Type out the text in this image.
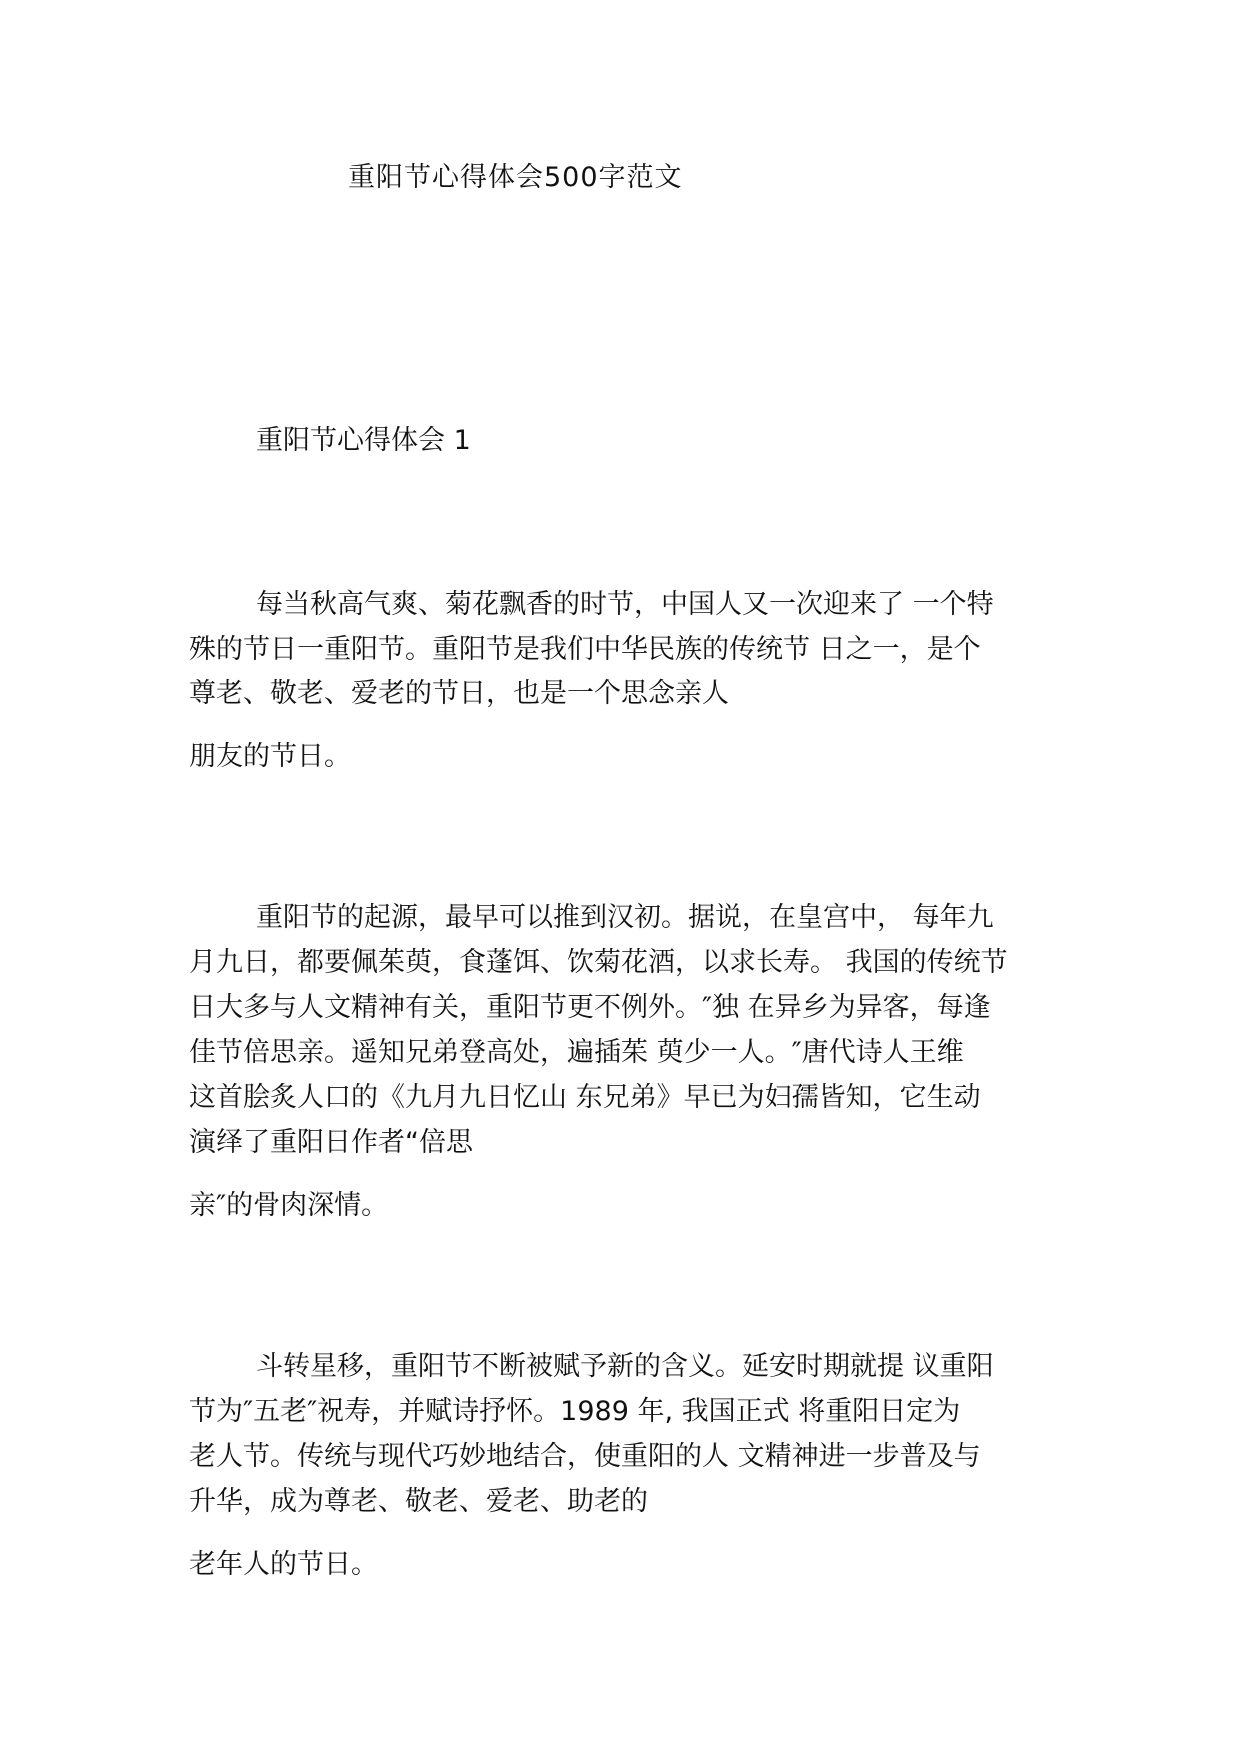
重阳节心得体会500字范文
重阳节心得体会 1
每当秋高气爽、菊花飘香的时节，中国人又一次迎来了 一个特
殊的节日一重阳节。重阳节是我们中华民族的传统节 日之一，是个
尊老、敬老、爱老的节日，也是一个思念亲人
朋友的节日。
重阳节的起源，最早可以推到汉初。据说，在皇宫中， 每年九
月九日，都要佩茱萸，食蓬饵、饮菊花酒，以求长寿。 我国的传统节
日大多与人文精神有关，重阳节更不例外。″独 在异乡为异客，每逢
佳节倍思亲。遥知兄弟登高处，遍插茱 萸少一人。″唐代诗人王维
这首脍炙人口的《九月九日忆山 东兄弟》早已为妇孺皆知，它生动
演绎了重阳日作者“倍思
亲″的骨肉深情。
斗转星移，重阳节不断被赋予新的含义。延安时期就提 议重阳
节为″五老″祝寿，并赋诗抒怀。1989 年, 我国正式 将重阳日定为
老人节。传统与现代巧妙地结合，使重阳的人 文精神进一步普及与
升华，成为尊老、敬老、爱老、助老的
老年人的节日。
